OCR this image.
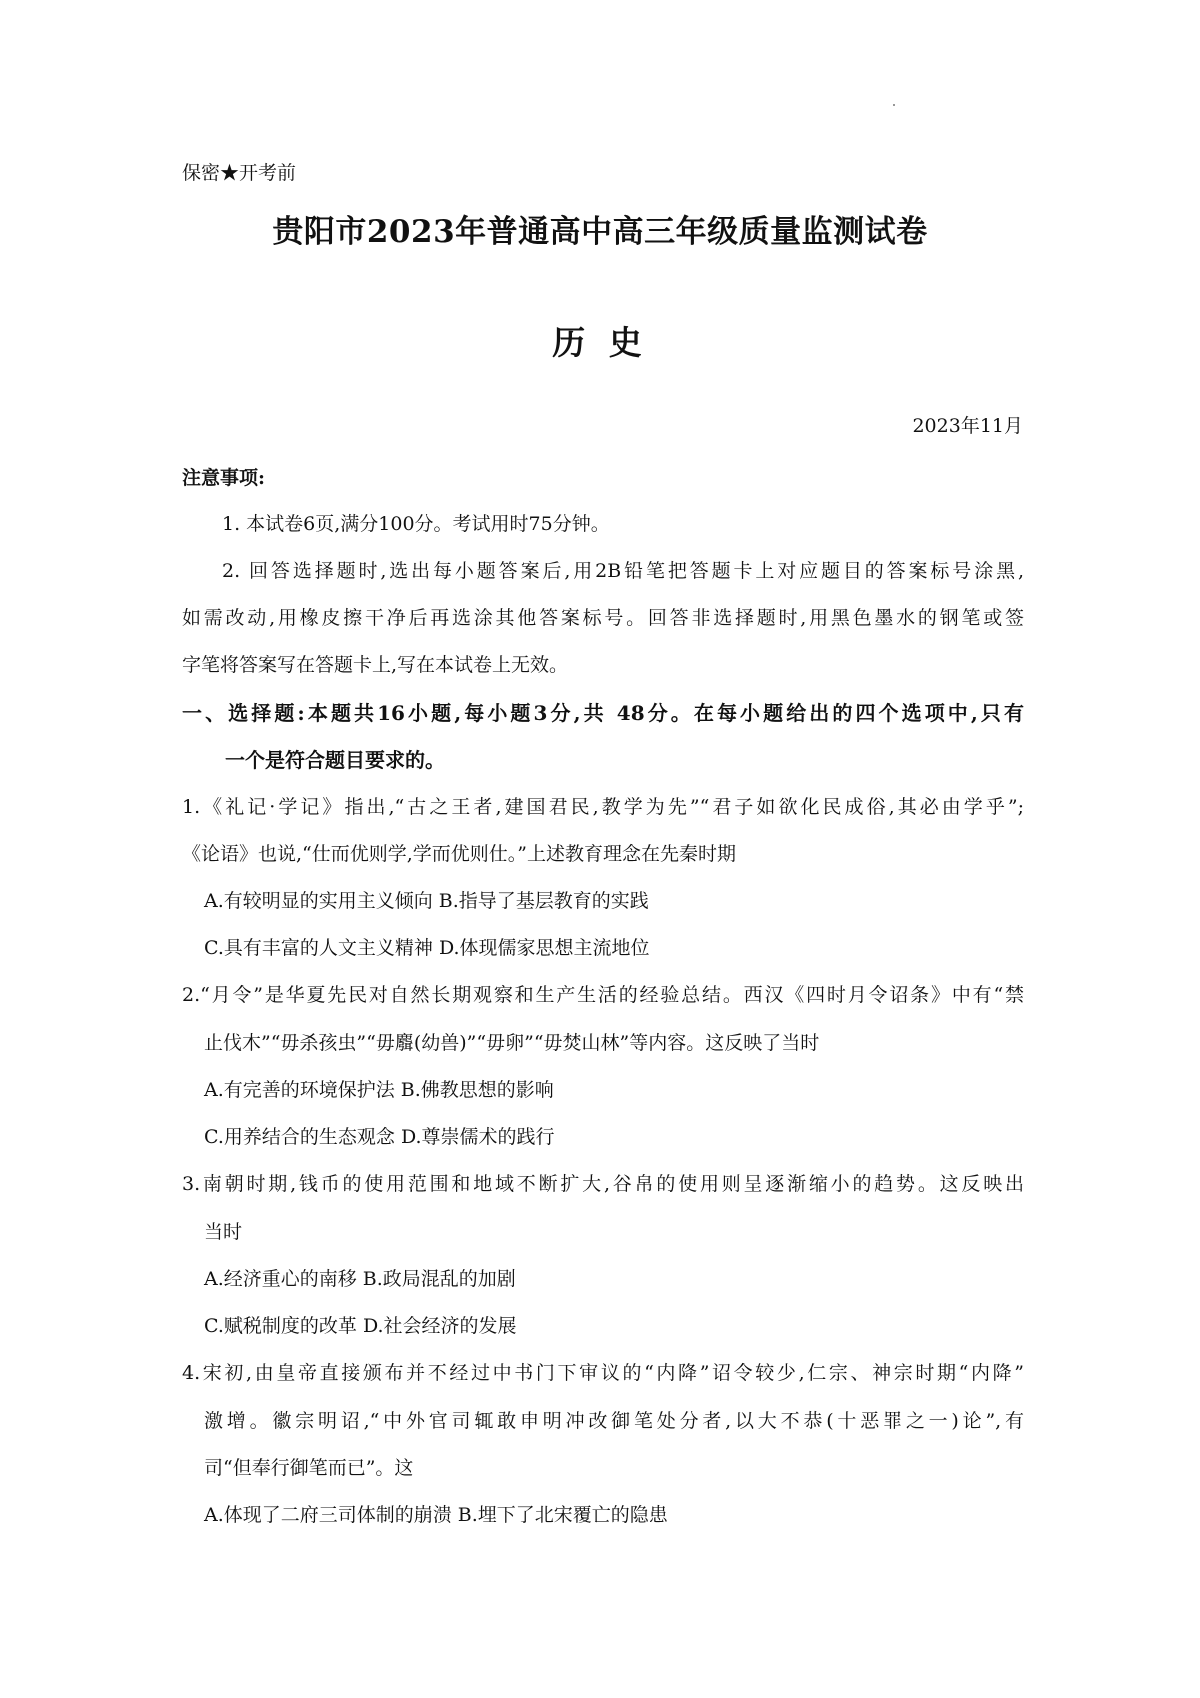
保密★开考前
贵阳市2023年普通高中高三年级质量监测试卷
历 史
2023年11月
注意事项:
1. 本试卷6页,满分100分。考试用时75分钟。
2. 回答选择题时,选出每小题答案后,用2B铅笔把答题卡上对应题目的答案标号涂黑,
如需改动,用橡皮擦干净后再选涂其他答案标号。回答非选择题时,用黑色墨水的钢笔或签
字笔将答案写在答题卡上,写在本试卷上无效。
一、选择题:本题共16小题,每小题3分,共 48分。在每小题给出的四个选项中,只有
一个是符合题目要求的。
1.《礼记·学记》指出,“古之王者,建国君民,教学为先”“君子如欲化民成俗,其必由学乎”;
《论语》也说,“仕而优则学,学而优则仕。”上述教育理念在先秦时期
A.有较明显的实用主义倾向 B.指导了基层教育的实践
C.具有丰富的人文主义精神 D.体现儒家思想主流地位
2.“月令”是华夏先民对自然长期观察和生产生活的经验总结。西汉《四时月令诏条》中有“禁
止伐木”“毋杀孩虫”“毋麛(幼兽)”“毋卵”“毋焚山林”等内容。这反映了当时
A.有完善的环境保护法 B.佛教思想的影响
C.用养结合的生态观念 D.尊崇儒术的践行
3.南朝时期,钱币的使用范围和地域不断扩大,谷帛的使用则呈逐渐缩小的趋势。这反映出
当时
A.经济重心的南移 B.政局混乱的加剧
C.赋税制度的改革 D.社会经济的发展
4.宋初,由皇帝直接颁布并不经过中书门下审议的“内降”诏令较少,仁宗、神宗时期“内降”
激增。徽宗明诏,“中外官司辄敢申明冲改御笔处分者,以大不恭(十恶罪之一)论”,有
司“但奉行御笔而已”。这
A.体现了二府三司体制的崩溃 B.埋下了北宋覆亡的隐患
